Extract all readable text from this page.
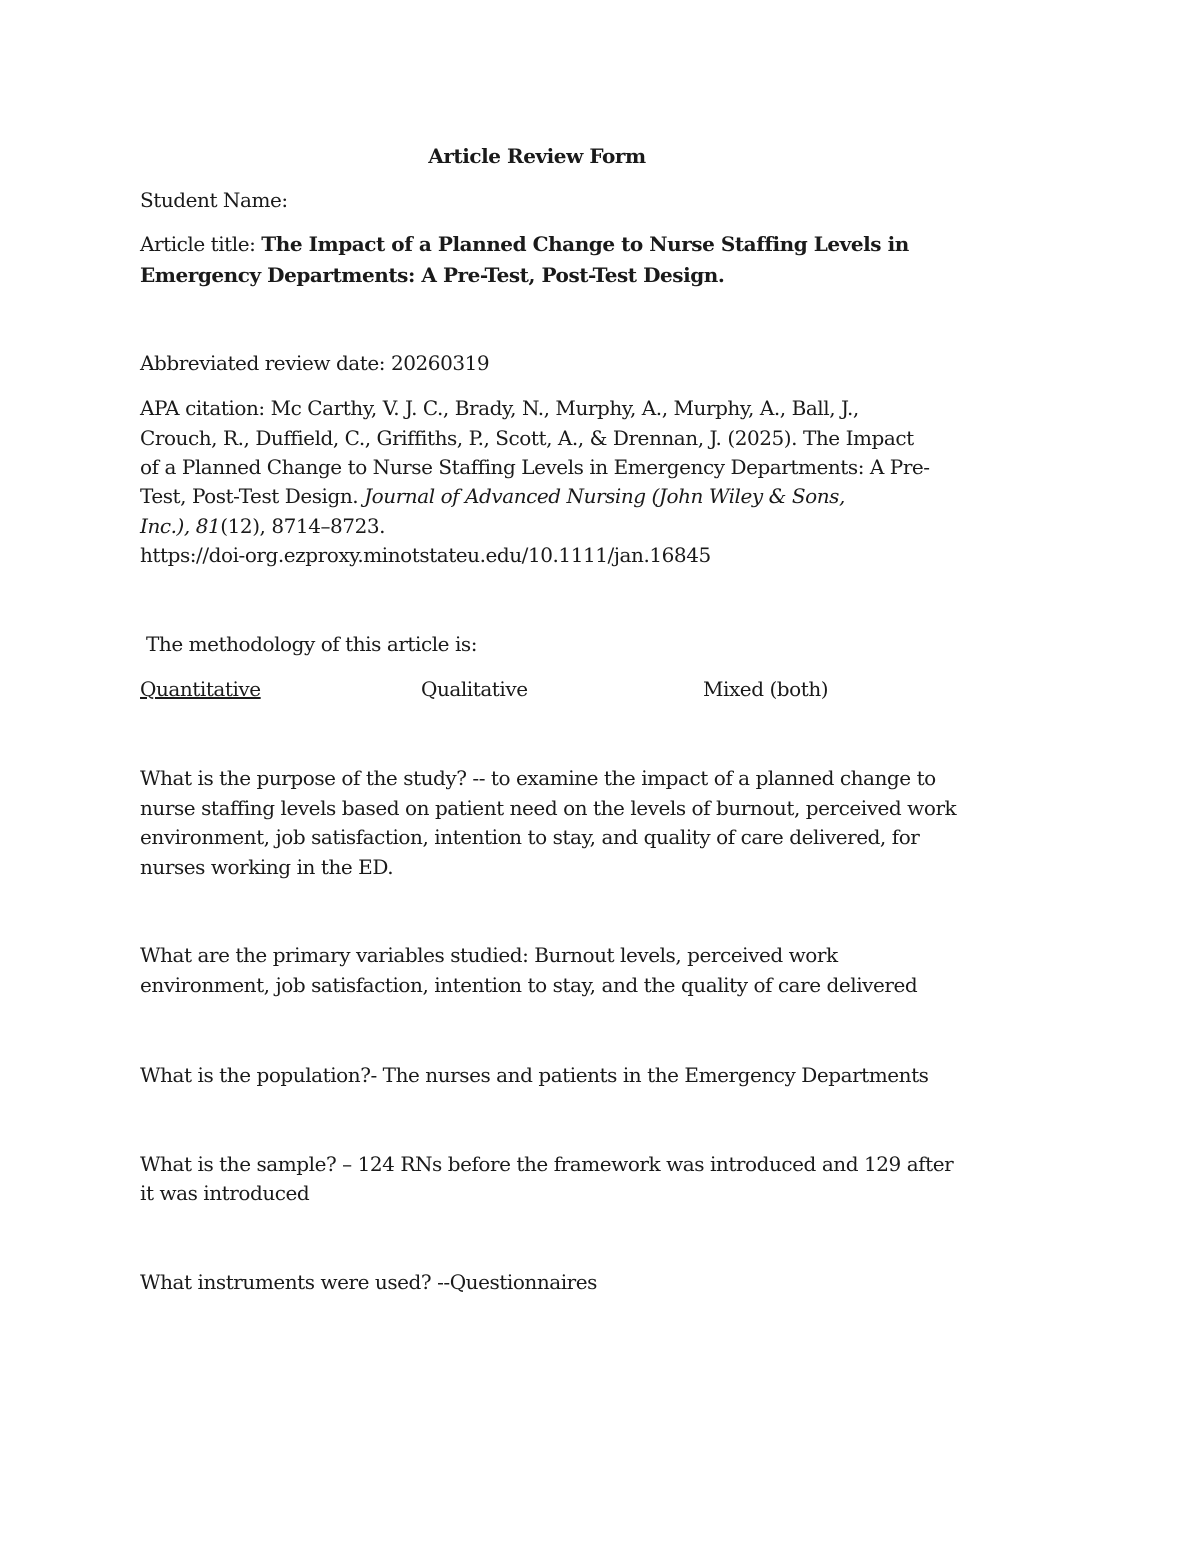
Article Review Form
Student Name:
Article title: The Impact of a Planned Change to Nurse Staffing Levels in
Emergency Departments: A Pre-Test, Post-Test Design.
Abbreviated review date: 20260319
APA citation: Mc Carthy, V. J. C., Brady, N., Murphy, A., Murphy, A., Ball, J.,
Crouch, R., Duffield, C., Griffiths, P., Scott, A., & Drennan, J. (2025). The Impact
of a Planned Change to Nurse Staffing Levels in Emergency Departments: A Pre-
Test, Post-Test Design. Journal of Advanced Nursing (John Wiley & Sons,
Inc.), 81(12), 8714–8723.
https://doi-org.ezproxy.minotstateu.edu/10.1111/jan.16845
The methodology of this article is:
Quantitative	Qualitative	Mixed (both)
What is the purpose of the study? -- to examine the impact of a planned change to
nurse staffing levels based on patient need on the levels of burnout, perceived work
environment, job satisfaction, intention to stay, and quality of care delivered, for
nurses working in the ED.
What are the primary variables studied: Burnout levels, perceived work
environment, job satisfaction, intention to stay, and the quality of care delivered
What is the population?- The nurses and patients in the Emergency Departments
What is the sample? – 124 RNs before the framework was introduced and 129 after
it was introduced
What instruments were used? --Questionnaires
